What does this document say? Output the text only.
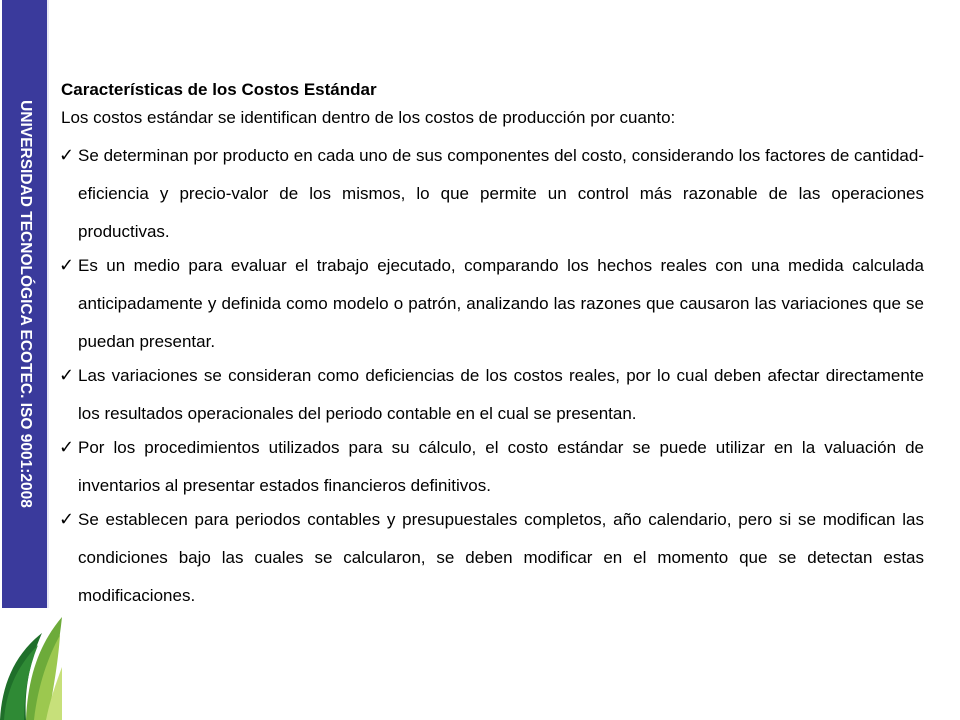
UNIVERSIDAD TECNOLÓGICA ECOTEC. ISO 9001:2008
Características de los Costos Estándar

Los costos estándar se identifican dentro de los costos de producción por cuanto:

✓ Se determinan por producto en cada uno de sus componentes del costo, considerando los factores de cantidad-eficiencia y precio-valor de los mismos, lo que permite un control más razonable de las operaciones productivas.
✓ Es un medio para evaluar el trabajo ejecutado, comparando los hechos reales con una medida calculada anticipadamente y definida como modelo o patrón, analizando las razones que causaron las variaciones que se puedan presentar.
✓ Las variaciones se consideran como deficiencias de los costos reales, por lo cual deben afectar directamente los resultados operacionales del periodo contable en el cual se presentan.
✓ Por los procedimientos utilizados para su cálculo, el costo estándar se puede utilizar en la valuación de inventarios al presentar estados financieros definitivos.
✓ Se establecen para periodos contables y presupuestales completos, año calendario, pero si se modifican las condiciones bajo las cuales se calcularon, se deben modificar en el momento que se detectan estas modificaciones.
